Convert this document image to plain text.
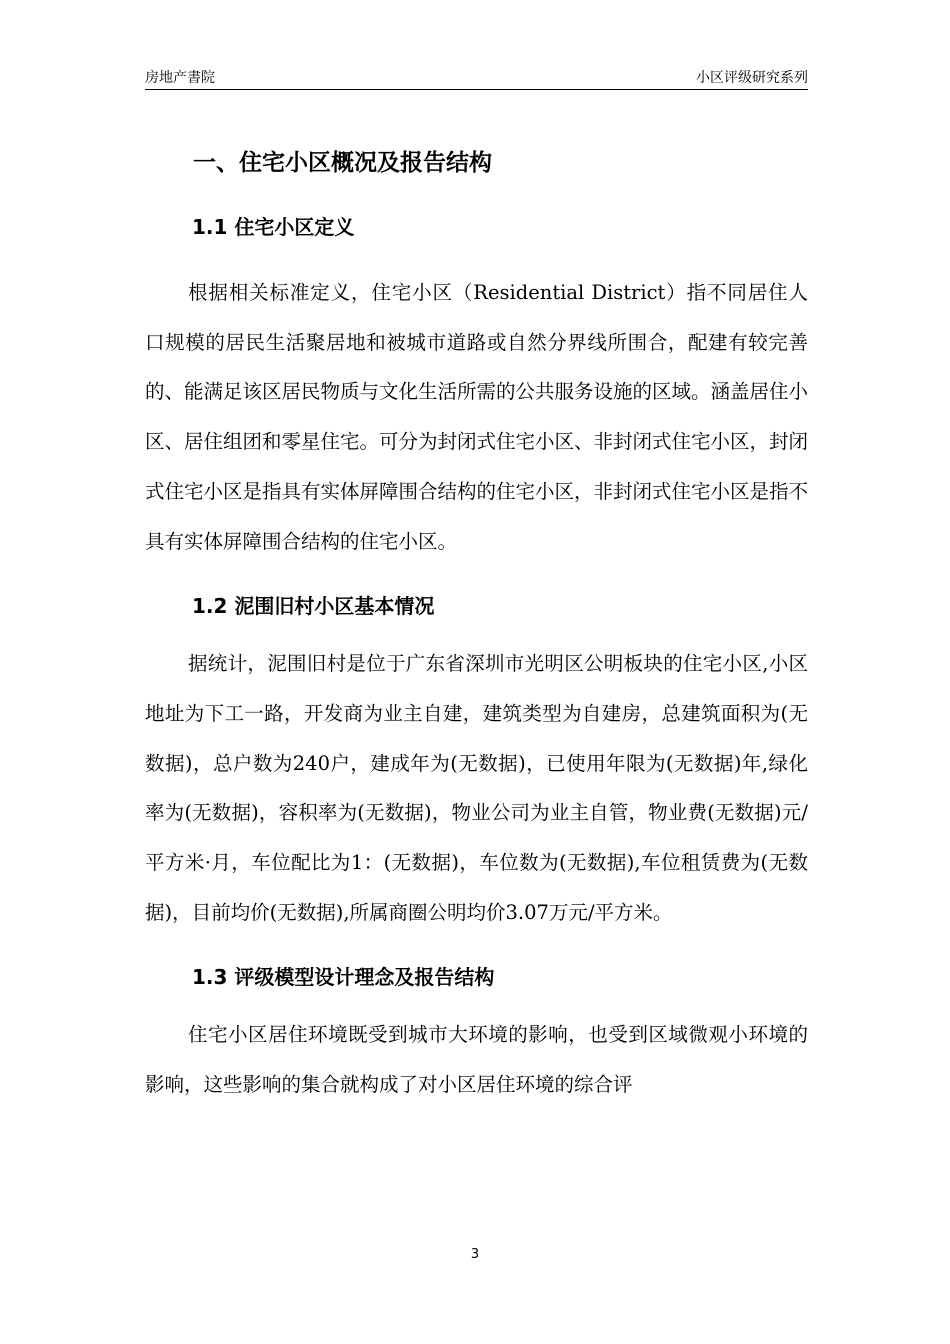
房地产書院	小区评级研究系列
一、住宅小区概况及报告结构
1.1 住宅小区定义

根据相关标准定义，住宅小区（Residential District）指不同居住人口规模的居民生活聚居地和被城市道路或自然分界线所围合，配建有较完善的、能满足该区居民物质与文化生活所需的公共服务设施的区域。涵盖居住小区、居住组团和零星住宅。可分为封闭式住宅小区、非封闭式住宅小区，封闭式住宅小区是指具有实体屏障围合结构的住宅小区，非封闭式住宅小区是指不具有实体屏障围合结构的住宅小区。

1.2 泥围旧村小区基本情况

据统计，泥围旧村是位于广东省深圳市光明区公明板块的住宅小区,小区地址为下工一路，开发商为业主自建，建筑类型为自建房，总建筑面积为(无数据)，总户数为240户，建成年为(无数据)，已使用年限为(无数据)年,绿化率为(无数据)，容积率为(无数据)，物业公司为业主自管，物业费(无数据)元/平方米·月，车位配比为1：(无数据)，车位数为(无数据),车位租赁费为(无数据)，目前均价(无数据),所属商圈公明均价3.07万元/平方米。

1.3 评级模型设计理念及报告结构

住宅小区居住环境既受到城市大环境的影响，也受到区域微观小环境的影响，这些影响的集合就构成了对小区居住环境的综合评

3
